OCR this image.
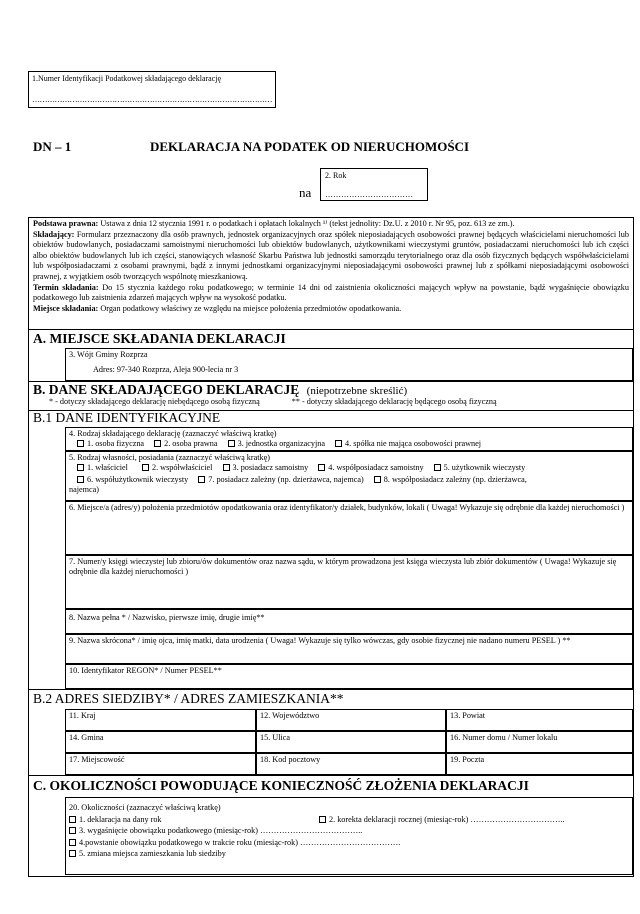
1.Numer Identyfikacji Podatkowej składającego deklarację
……………………………………………………………………………………
DN – 1	DEKLARACJA NA PODATEK OD NIERUCHOMOŚCI
na
2. Rok
……………………………
Podstawa prawna: Ustawa z dnia 12 stycznia 1991 r. o podatkach i opłatach lokalnych ¹⁾ (tekst jednolity: Dz.U. z 2010 r. Nr 95, poz. 613 ze zm.).
Składający: Formularz przeznaczony dla osób prawnych, jednostek organizacyjnych oraz spółek nieposiadających osobowości prawnej będących właścicielami nieruchomości lub obiektów budowlanych, posiadaczami samoistnymi nieruchomości lub obiektów budowlanych, użytkownikami wieczystymi gruntów, posiadaczami nieruchomości lub ich części albo obiektów budowlanych lub ich części, stanowiących własność Skarbu Państwa lub jednostki samorządu terytorialnego oraz dla osób fizycznych będących współwłaścicielami lub współposiadaczami z osobami prawnymi, bądź z innymi jednostkami organizacyjnymi nieposiadającymi osobowości prawnej lub z spółkami nieposiadającymi osobowości prawnej, z wyjątkiem osób tworzących wspólnotę mieszkaniową.
Termin składania: Do 15 stycznia każdego roku podatkowego; w terminie 14 dni od zaistnienia okoliczności mających wpływ na powstanie, bądź wygaśnięcie obowiązku podatkowego lub zaistnienia zdarzeń mających wpływ na wysokość podatku.
Miejsce składania: Organ podatkowy właściwy ze względu na miejsce położenia przedmiotów opodatkowania.
A. MIEJSCE SKŁADANIA DEKLARACJI
3. Wójt Gminy Rozprza
Adres: 97-340 Rozprza, Aleja 900-lecia nr 3
B. DANE SKŁADAJĄCEGO DEKLARACJĘ (niepotrzebne skreślić)
* - dotyczy składającego deklarację niebędącego osobą fizyczną	** - dotyczy składającego deklarację będącego osobą fizyczną
B.1 DANE IDENTYFIKACYJNE
4. Rodzaj składającego deklarację (zaznaczyć właściwą kratkę)
1. osoba fizyczna 2. osoba prawna 3. jednostka organizacyjna 4. spółka nie mająca osobowości prawnej
5. Rodzaj własności, posiadania (zaznaczyć właściwą kratkę)
1. właściciel	2. współwłaściciel 3. posiadacz samoistny 4. współposiadacz samoistny 5. użytkownik wieczysty
6. współużytkownik wieczysty 7. posiadacz zależny (np. dzierżawca, najemca) 8. współposiadacz zależny (np. dzierżawca,
najemca)
6. Miejsce/a (adres/y) położenia przedmiotów opodatkowania oraz identyfikator/y działek, budynków, lokali ( Uwaga! Wykazuje się odrębnie dla każdej nieruchomości )
7. Numer/y księgi wieczystej lub zbioru/ów dokumentów oraz nazwa sądu, w którym prowadzona jest księga wieczysta lub zbiór dokumentów ( Uwaga! Wykazuje się odrębnie dla każdej nieruchomości )
8. Nazwa pełna * / Nazwisko, pierwsze imię, drugie imię**
9. Nazwa skrócona* / imię ojca, imię matki, data urodzenia ( Uwaga! Wykazuje się tylko wówczas, gdy osobie fizycznej nie nadano numeru PESEL ) **
10. Identyfikator REGON* / Numer PESEL**
B.2 ADRES SIEDZIBY* / ADRES ZAMIESZKANIA**
11. Kraj	12. Województwo	13. Powiat
14. Gmina	15. Ulica	16. Numer domu / Numer lokalu
17. Miejscowość	18. Kod pocztowy	19. Poczta
C. OKOLICZNOŚCI POWODUJĄCE KONIECZNOŚĆ ZŁOŻENIA DEKLARACJI
20. Okoliczności (zaznaczyć właściwą kratkę)
1. deklaracja na dany rok	2. korekta deklaracji rocznej (miesiąc-rok) ……………………………..
3. wygaśnięcie obowiązku podatkowego (miesiąc-rok) ………………………………..
4.powstanie obowiązku podatkowego w trakcie roku (miesiąc-rok) ……………………………….
5. zmiana miejsca zamieszkania lub siedziby
